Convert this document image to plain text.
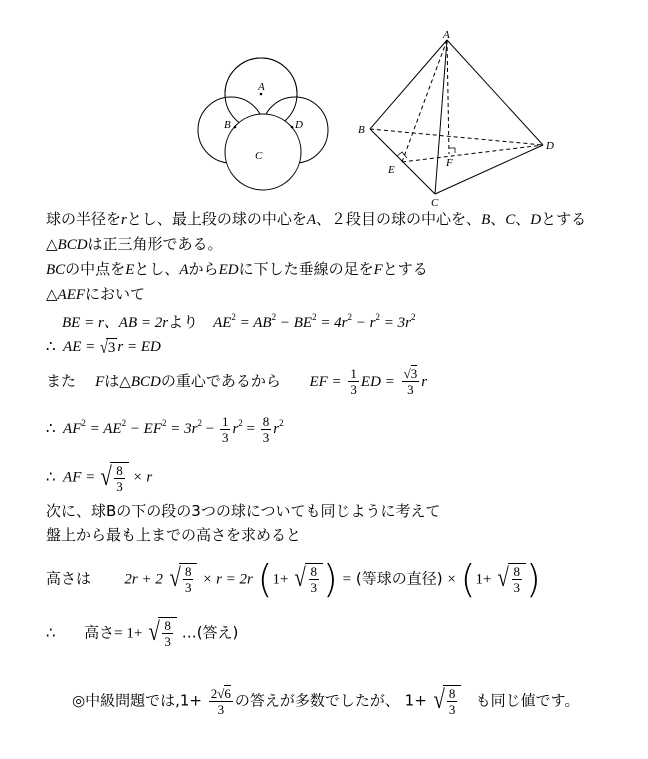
A
B	D
C
A
B
C
D
E
F
球の半径をrとし、最上段の球の中心をA、２段目の球の中心を、B、C、Dとする
△BCDは正三角形である。
BCの中点をEとし、AからEDに下した垂線の足をFとする
△AEFにおいて
BE = r、AB = 2rより $AE^2 = AB^2 - BE^2 = 4r^2 - r^2 = 3r^2$
∴ AE = √ 3 r = ED
また Fは△BCDの重心であるから EF = $\frac{1}{3}$ ED = $\frac{√3}{3}$ r
∴ $AF^2 = AE^2 - EF^2 = 3r^2 - \frac{1}{3} r^2 = \frac{8}{3} r^2$
∴ AF = √ $\frac{8}{3} \times r$
次に、球Bの下の段の3つの球についても同じように考えて
盤上から最も上までの高さを求めると
高さは 2r + 2 √ $\frac{8}{3} \times r = 2r$ (1+ √ $\frac{8}{3}$ ) = (等球の直径) × (1+ √ $\frac{8}{3}$ )
∴ 高さ= 1+ √ $\frac{8}{3}$ …(答え)
◎中級問題では$,1+ \frac{2√6}{3}$ の答えが多数でしたが、 1+ √ $\frac{8}{3}$ も同じ値です。
